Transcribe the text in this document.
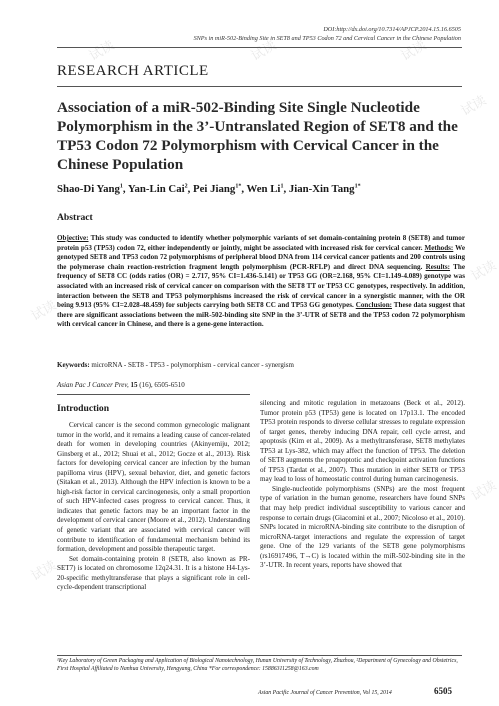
试读	试读	试读
试读
试读
试读
试读
试读
DOI:http://dx.doi.org/10.7314/APJCP.2014.15.16.6505
SNPs in miR-502-Binding Site in SET8 and TP53 Codon 72 and Cervical Cancer in the Chinese Population
RESEARCH ARTICLE
Association of a miR-502-Binding Site Single Nucleotide Polymorphism in the 3’-Untranslated Region of SET8 and the TP53 Codon 72 Polymorphism with Cervical Cancer in the Chinese Population
Shao-Di Yang$^1$, Yan-Lin Cai$^2$, Pei Jiang$^{1*}$, Wen Li$^1$, Jian-Xin Tang$^{1*}$
Abstract
Objective: This study was conducted to identify whether polymorphic variants of set domain-containing protein 8 (SET8) and tumor protein p53 (TP53) codon 72, either independently or jointly, might be associated with increased risk for cervical cancer. Methods: We genotyped SET8 and TP53 codon 72 polymorphisms of peripheral blood DNA from 114 cervical cancer patients and 200 controls using the polymerase chain reaction-restriction fragment length polymorphism (PCR-RFLP) and direct DNA sequencing. Results: The frequency of SET8 CC (odds ratios (OR) = 2.717, 95% CI=1.436-5.141) or TP53 GG (OR=2.168, 95% CI=1.149-4.089) genotype was associated with an increased risk of cervical cancer on comparison with the SET8 TT or TP53 CC genotypes, respectively. In addition, interaction between the SET8 and TP53 polymorphisms increased the risk of cervical cancer in a synergistic manner, with the OR being 9.913 (95% CI=2.028-48.459) for subjects carrying both SET8 CC and TP53 GG genotypes. Conclusion: These data suggest that there are significant associations between the miR-502-binding site SNP in the 3’-UTR of SET8 and the TP53 codon 72 polymorphism with cervical cancer in Chinese, and there is a gene-gene interaction.
Keywords: microRNA - SET8 - TP53 - polymorphism - cervical cancer - synergism
Asian Pac J Cancer Prev, 15 (16), 6505-6510
Introduction

Cervical cancer is the second common gynecologic malignant tumor in the world, and it remains a leading cause of cancer-related death for women in developing countries (Akinyemiju, 2012; Ginsberg et al., 2012; Shuai et al., 2012; Gocze et al., 2013). Risk factors for developing cervical cancer are infection by the human papilloma virus (HPV), sexual behavior, diet, and genetic factors (Sitakan et al., 2013). Although the HPV infection is known to be a high-risk factor in cervical carcinogenesis, only a small proportion of such HPV-infected cases progress to cervical cancer. Thus, it indicates that genetic factors may be an important factor in the development of cervical cancer (Moore et al., 2012). Understanding of genetic variant that are associated with cervical cancer will contribute to identification of fundamental mechanism behind its formation, development and possible therapeutic target.

Set domain-containing protein 8 (SET8, also known as PR-SET7) is located on chromosome 12q24.31. It is a histone H4-Lys-20-specific methyltransferase that plays a significant role in cell-cycle-dependent transcriptional

silencing and mitotic regulation in metazoans (Beck et al., 2012). Tumor protein p53 (TP53) gene is located on 17p13.1. The encoded TP53 protein responds to diverse cellular stresses to regulate expression of target genes, thereby inducing DNA repair, cell cycle arrest, and apoptosis (Kim et al., 2009). As a methyltransferase, SET8 methylates TP53 at Lys-382, which may affect the function of TP53. The deletion of SET8 augments the proapoptotic and checkpoint activation functions of TP53 (Tardat et al., 2007). Thus mutation in either SET8 or TP53 may lead to loss of homeostatic control during human carcinogenesis.

Single-nucleotide polymorphisms (SNPs) are the most frequent type of variation in the human genome, researchers have found SNPs that may help predict individual susceptibility to various cancer and response to certain drugs (Giacomini et al., 2007; Nicoloso et al., 2010). SNPs located in microRNA-binding site contribute to the disruption of microRNA-target interactions and regulate the expression of target gene. One of the 129 variants of the SET8 gene polymorphisms (rs16917496, T→C) is located within the miR-502-binding site in the 3’-UTR. In recent years, reports have showed that

¹Key Laboratory of Green Packaging and Application of Biological Nanotechnology, Hunan University of Technology, Zhuzhou, ²Department of Gynecology and Obstetrics, First Hospital Affiliated to Nanhua University, Hengyang, China *For correspondence: 15886311258@163.com
Asian Pacific Journal of Cancer Prevention, Vol 15, 2014	6505
